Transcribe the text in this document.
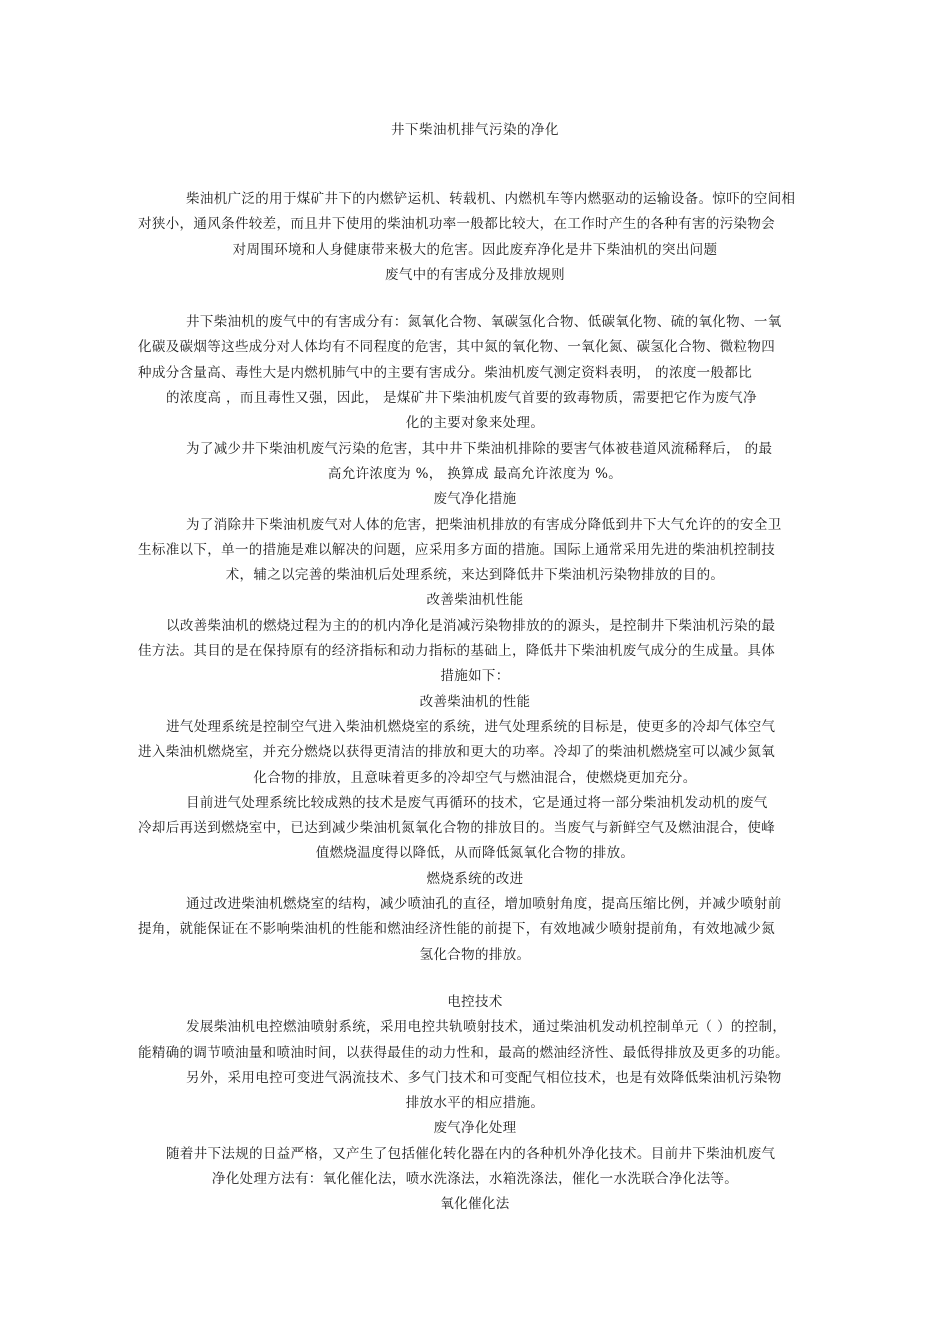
井下柴油机排气污染的净化
柴油机广泛的用于煤矿井下的内燃铲运机、转载机、内燃机车等内燃驱动的运输设备。惊吓的空间相
对狭小，通风条件较差，而且井下使用的柴油机功率一般都比较大，在工作时产生的各种有害的污染物会
对周围环境和人身健康带来极大的危害。因此废弃净化是井下柴油机的突出问题
废气中的有害成分及排放规则
井下柴油机的废气中的有害成分有：氮氧化合物、氧碳氢化合物、低碳氧化物、硫的氧化物、一氧
化碳及碳烟等这些成分对人体均有不同程度的危害，其中氮的氧化物、一氧化氮、碳氢化合物、微粒物四
种成分含量高、毒性大是内燃机肺气中的主要有害成分。柴油机废气测定资料表明， 的浓度一般都比
的浓度高 ，而且毒性又强，因此， 是煤矿井下柴油机废气首要的致毒物质，需要把它作为废气净
化的主要对象来处理。
为了减少井下柴油机废气污染的危害，其中井下柴油机排除的要害气体被巷道风流稀释后， 的最
高允许浓度为 %， 换算成 最高允许浓度为 %。
废气净化措施
为了消除井下柴油机废气对人体的危害，把柴油机排放的有害成分降低到井下大气允许的的安全卫
生标准以下，单一的措施是难以解决的问题，应采用多方面的措施。国际上通常采用先进的柴油机控制技
术，辅之以完善的柴油机后处理系统，来达到降低井下柴油机污染物排放的目的。
改善柴油机性能
以改善柴油机的燃烧过程为主的的机内净化是消减污染物排放的的源头，是控制井下柴油机污染的最
佳方法。其目的是在保持原有的经济指标和动力指标的基础上，降低井下柴油机废气成分的生成量。具体
措施如下：
改善柴油机的性能
进气处理系统是控制空气进入柴油机燃烧室的系统，进气处理系统的目标是，使更多的冷却气体空气
进入柴油机燃烧室，并充分燃烧以获得更清洁的排放和更大的功率。冷却了的柴油机燃烧室可以减少氮氧
化合物的排放，且意味着更多的冷却空气与燃油混合，使燃烧更加充分。
目前进气处理系统比较成熟的技术是废气再循环的技术，它是通过将一部分柴油机发动机的废气
冷却后再送到燃烧室中，已达到减少柴油机氮氧化合物的排放目的。当废气与新鲜空气及燃油混合，使峰
值燃烧温度得以降低，从而降低氮氧化合物的排放。
燃烧系统的改进
通过改进柴油机燃烧室的结构，减少喷油孔的直径，增加喷射角度，提高压缩比例，并减少喷射前
提角，就能保证在不影响柴油机的性能和燃油经济性能的前提下，有效地减少喷射提前角，有效地减少氮
氢化合物的排放。
电控技术
发展柴油机电控燃油喷射系统，采用电控共轨喷射技术，通过柴油机发动机控制单元（ ）的控制，
能精确的调节喷油量和喷油时间，以获得最佳的动力性和，最高的燃油经济性、最低得排放及更多的功能。
另外，采用电控可变进气涡流技术、多气门技术和可变配气相位技术，也是有效降低柴油机污染物
排放水平的相应措施。
废气净化处理
随着井下法规的日益严格，又产生了包括催化转化器在内的各种机外净化技术。目前井下柴油机废气
净化处理方法有：氧化催化法，喷水洗涤法，水箱洗涤法，催化一水洗联合净化法等。
氧化催化法
